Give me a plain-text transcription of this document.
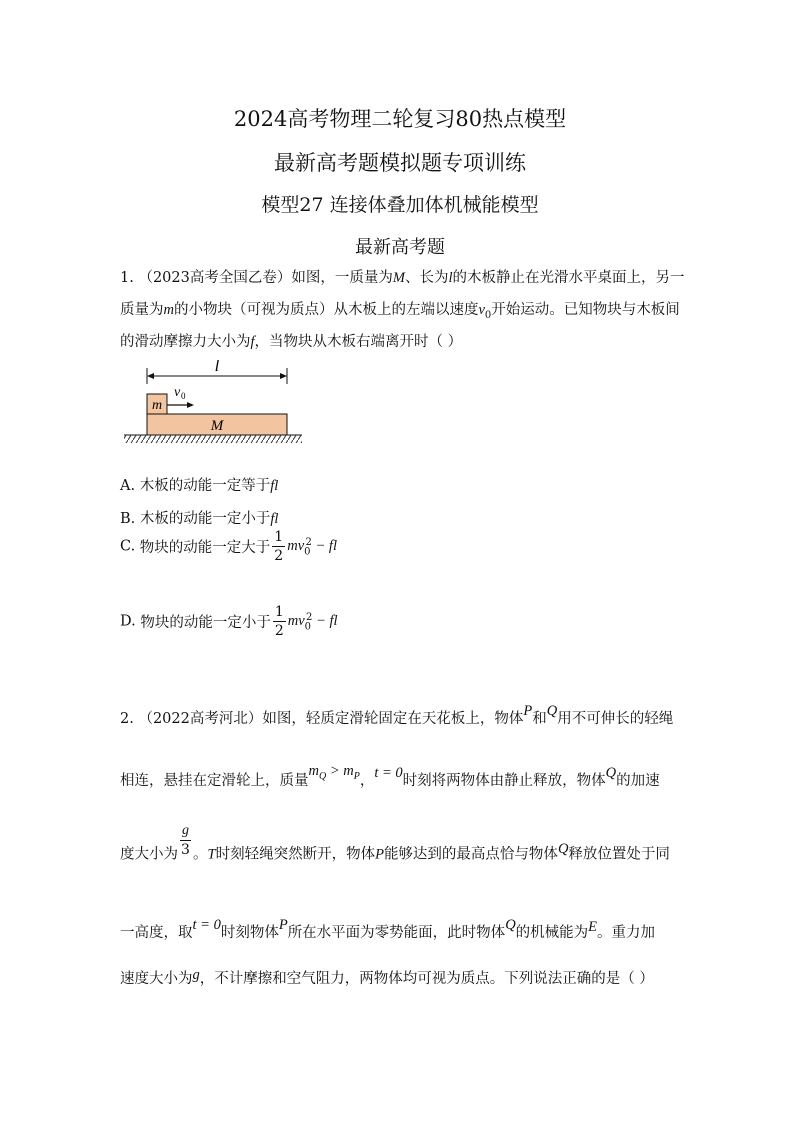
2024高考物理二轮复习80热点模型
最新高考题模拟题专项训练
模型27 连接体叠加体机械能模型
最新高考题
1. （2023高考全国乙卷）如图，一质量为M、长为l的木板静止在光滑水平桌面上，另一
质量为m的小物块（可视为质点）从木板上的左端以速度$v_0$开始运动。已知物块与木板间
的滑动摩擦力大小为f，当物块从木板右端离开时（ ）
l
m
v 0
M
A. 木板的动能一定等于fl
B. 木板的动能一定小于fl
C. 物块的动能一定大于 $\frac{1}{2} mv_0^2$ − fl
D. 物块的动能一定小于 $\frac{1}{2} mv_0^2$ − fl
2. （2022高考河北）如图，轻质定滑轮固定在天花板上，物体P和Q用不可伸长的轻绳
相连，悬挂在定滑轮上，质量$m_Q > m_P$，t = 0时刻将两物体由静止释放，物体Q的加速
度大小为 $\frac{g}{3}$ 。T时刻轻绳突然断开，物体P能够达到的最高点恰与物体Q释放位置处于同
一高度，取t = 0时刻物体P所在水平面为零势能面，此时物体Q的机械能为E。重力加
速度大小为g，不计摩擦和空气阻力，两物体均可视为质点。下列说法正确的是（ ）
